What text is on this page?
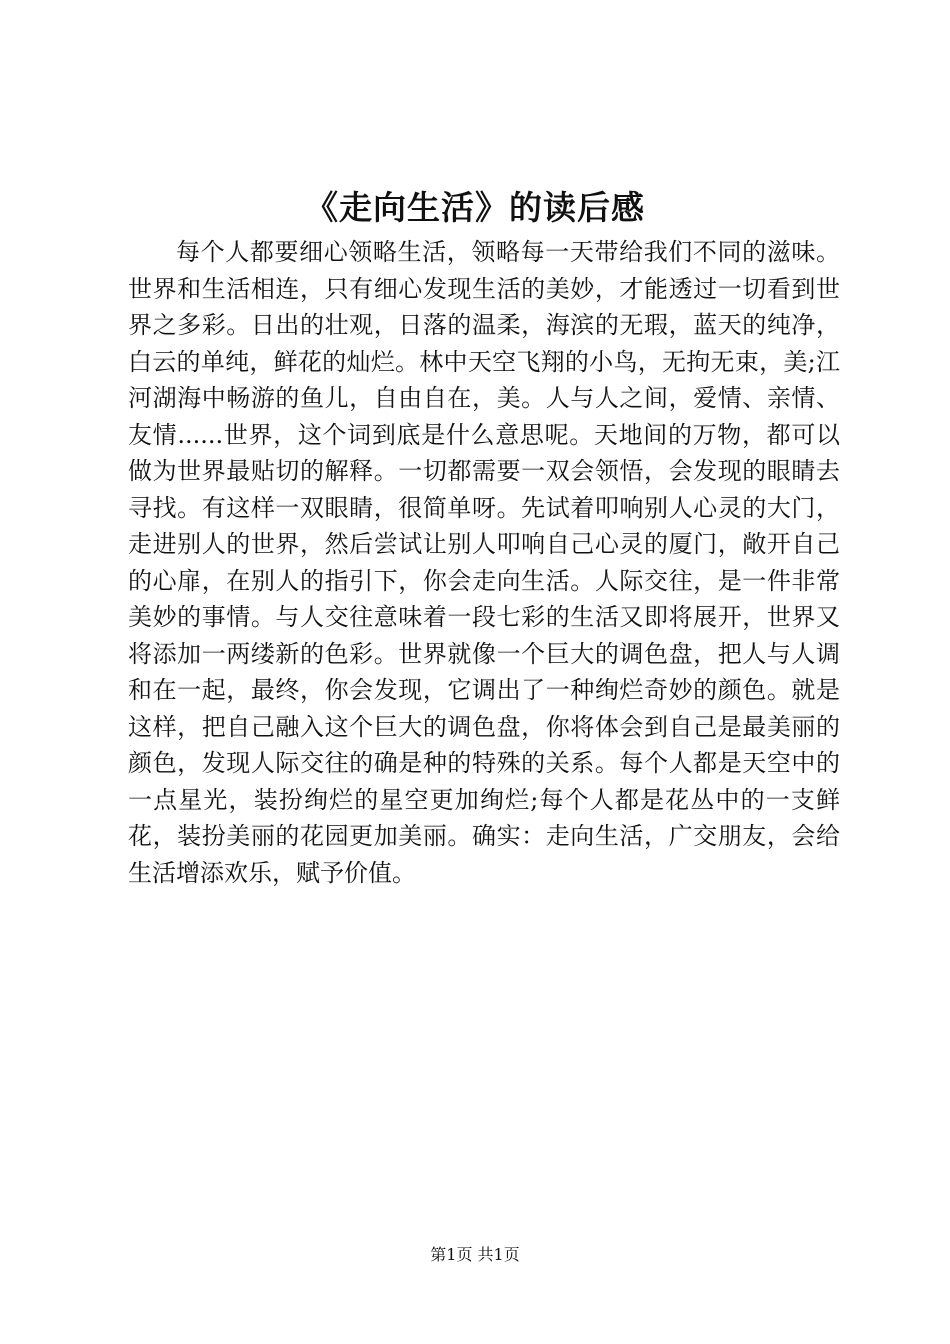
《走向生活》的读后感

每个人都要细心领略生活，领略每一天带给我们不同的滋味。世界和生活相连，只有细心发现生活的美妙，才能透过一切看到世界之多彩。日出的壮观，日落的温柔，海滨的无瑕，蓝天的纯净，白云的单纯，鲜花的灿烂。林中天空飞翔的小鸟，无拘无束，美;江河湖海中畅游的鱼儿，自由自在，美。人与人之间，爱情、亲情、友情......世界，这个词到底是什么意思呢。天地间的万物，都可以做为世界最贴切的解释。一切都需要一双会领悟，会发现的眼睛去寻找。有这样一双眼睛，很简单呀。先试着叩响别人心灵的大门，走进别人的世界，然后尝试让别人叩响自己心灵的厦门，敞开自己的心扉，在别人的指引下，你会走向生活。人际交往，是一件非常美妙的事情。与人交往意味着一段七彩的生活又即将展开，世界又将添加一两缕新的色彩。世界就像一个巨大的调色盘，把人与人调和在一起，最终，你会发现，它调出了一种绚烂奇妙的颜色。就是这样，把自己融入这个巨大的调色盘，你将体会到自己是最美丽的颜色，发现人际交往的确是种的特殊的关系。每个人都是天空中的一点星光，装扮绚烂的星空更加绚烂;每个人都是花丛中的一支鲜花，装扮美丽的花园更加美丽。确实：走向生活，广交朋友，会给生活增添欢乐，赋予价值。

第1页 共1页
